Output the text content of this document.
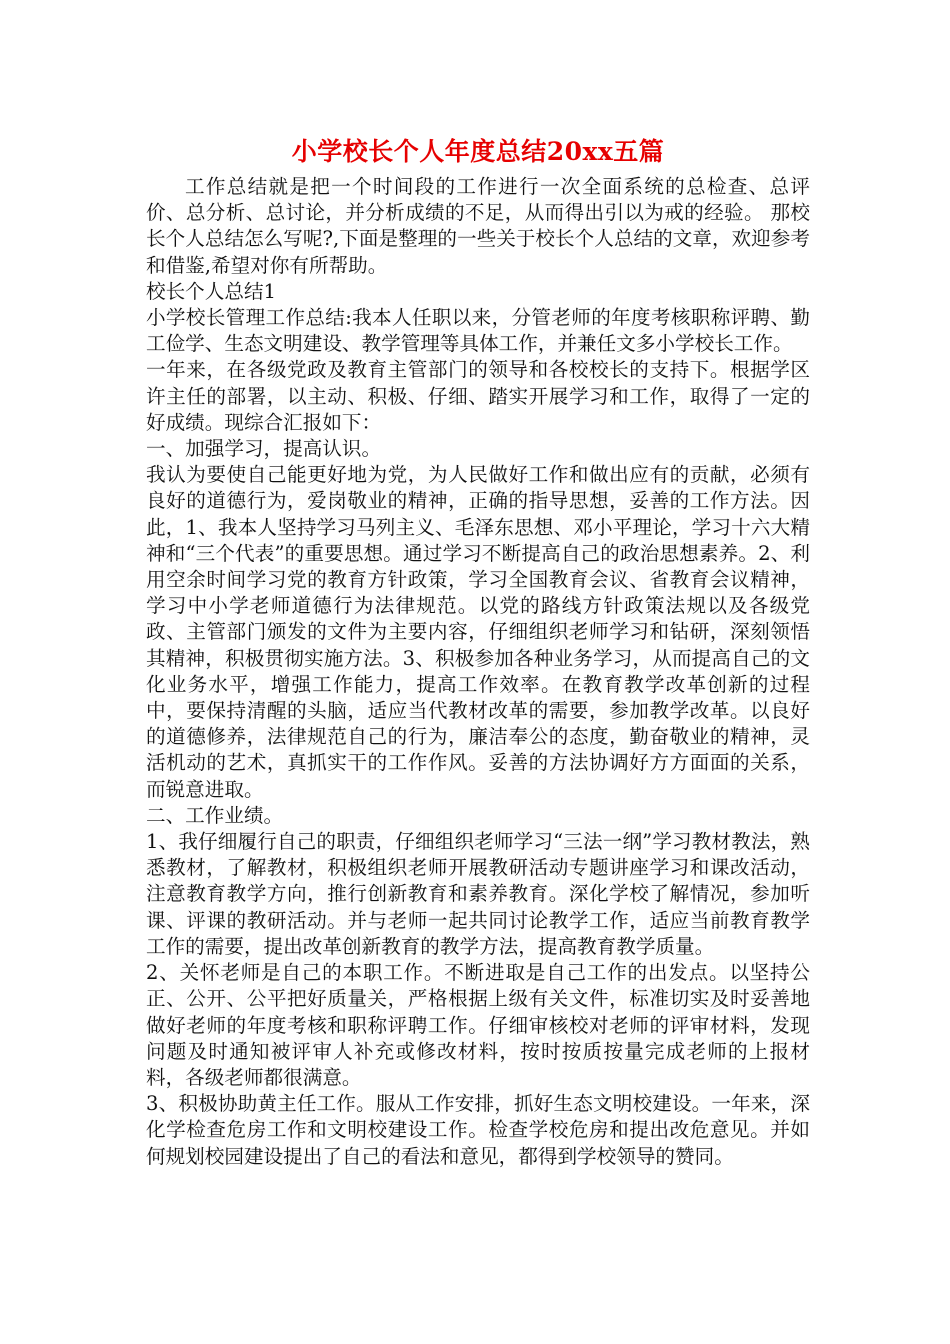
小学校长个人年度总结20xx五篇

工作总结就是把一个时间段的工作进行一次全面系统的总检查、总评价、总分析、总讨论，并分析成绩的不足，从而得出引以为戒的经验。 那校长个人总结怎么写呢?,下面是整理的一些关于校长个人总结的文章，欢迎参考和借鉴,希望对你有所帮助。

校长个人总结1

小学校长管理工作总结:我本人任职以来，分管老师的年度考核职称评聘、勤工俭学、生态文明建设、教学管理等具体工作，并兼任文多小学校长工作。

一年来，在各级党政及教育主管部门的领导和各校校长的支持下。根据学区许主任的部署，以主动、积极、仔细、踏实开展学习和工作，取得了一定的好成绩。现综合汇报如下：

一、加强学习，提高认识。

我认为要使自己能更好地为党，为人民做好工作和做出应有的贡献，必须有良好的道德行为，爱岗敬业的精神，正确的指导思想，妥善的工作方法。因此，1、我本人坚持学习马列主义、毛泽东思想、邓小平理论，学习十六大精神和“三个代表”的重要思想。通过学习不断提高自己的政治思想素养。2、利用空余时间学习党的教育方针政策，学习全国教育会议、省教育会议精神，学习中小学老师道德行为法律规范。以党的路线方针政策法规以及各级党政、主管部门颁发的文件为主要内容，仔细组织老师学习和钻研，深刻领悟其精神，积极贯彻实施方法。3、积极参加各种业务学习，从而提高自己的文化业务水平，增强工作能力，提高工作效率。在教育教学改革创新的过程中，要保持清醒的头脑，适应当代教材改革的需要，参加教学改革。以良好的道德修养，法律规范自己的行为，廉洁奉公的态度，勤奋敬业的精神，灵活机动的艺术，真抓实干的工作作风。妥善的方法协调好方方面面的关系，而锐意进取。

二、工作业绩。

1、我仔细履行自己的职责，仔细组织老师学习“三法一纲”学习教材教法，熟悉教材，了解教材，积极组织老师开展教研活动专题讲座学习和课改活动，注意教育教学方向，推行创新教育和素养教育。深化学校了解情况，参加听课、评课的教研活动。并与老师一起共同讨论教学工作，适应当前教育教学工作的需要，提出改革创新教育的教学方法，提高教育教学质量。

2、关怀老师是自己的本职工作。不断进取是自己工作的出发点。以坚持公正、公开、公平把好质量关，严格根据上级有关文件，标准切实及时妥善地做好老师的年度考核和职称评聘工作。仔细审核校对老师的评审材料，发现问题及时通知被评审人补充或修改材料，按时按质按量完成老师的上报材料，各级老师都很满意。

3、积极协助黄主任工作。服从工作安排，抓好生态文明校建设。一年来，深化学检查危房工作和文明校建设工作。检查学校危房和提出改危意见。并如何规划校园建设提出了自己的看法和意见，都得到学校领导的赞同。
